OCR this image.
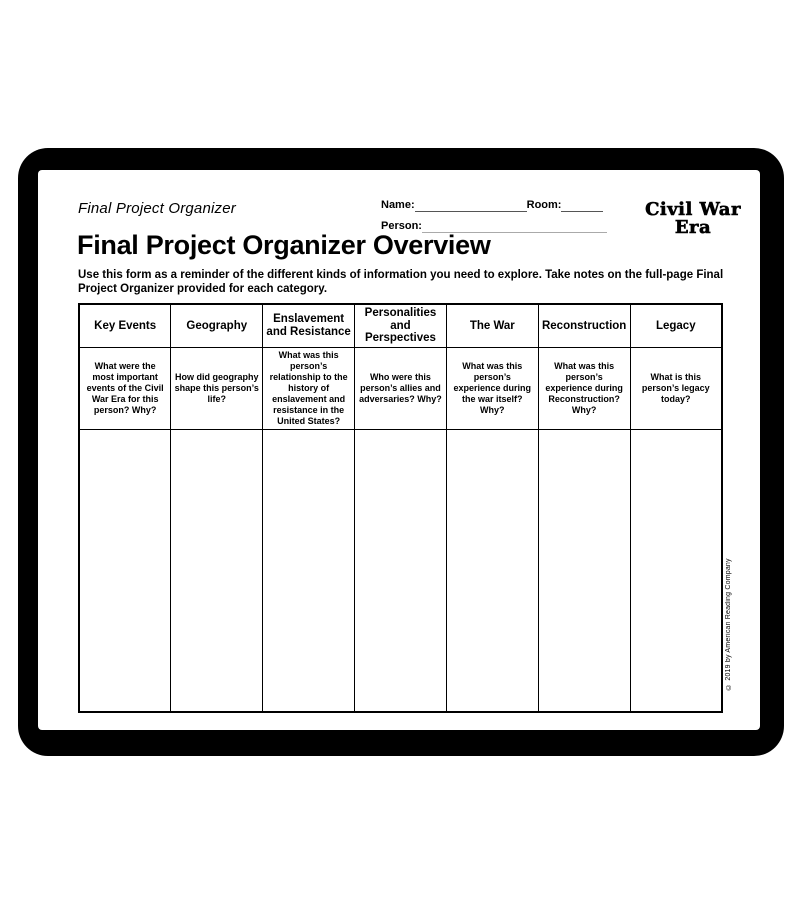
Final Project Organizer	Name:	Room:
Person:
Civil War
Era
Final Project Organizer Overview

Use this form as a reminder of the different kinds of information you need to explore. Take notes on the full-page Final Project Organizer provided for each category.

Key Events	Geography	Enslavement and Resistance	Personalities and Perspectives	The War	Reconstruction	Legacy
What were the most important events of the Civil War Era for this person? Why?	How did geography shape this person’s life?	What was this person’s relationship to the history of enslavement and resistance in the United States?	Who were this person’s allies and adversaries? Why?	What was this person’s experience during the war itself? Why?	What was this person’s experience during Reconstruction? Why?	What is this person’s legacy today?

© 2019 by American Reading Company
